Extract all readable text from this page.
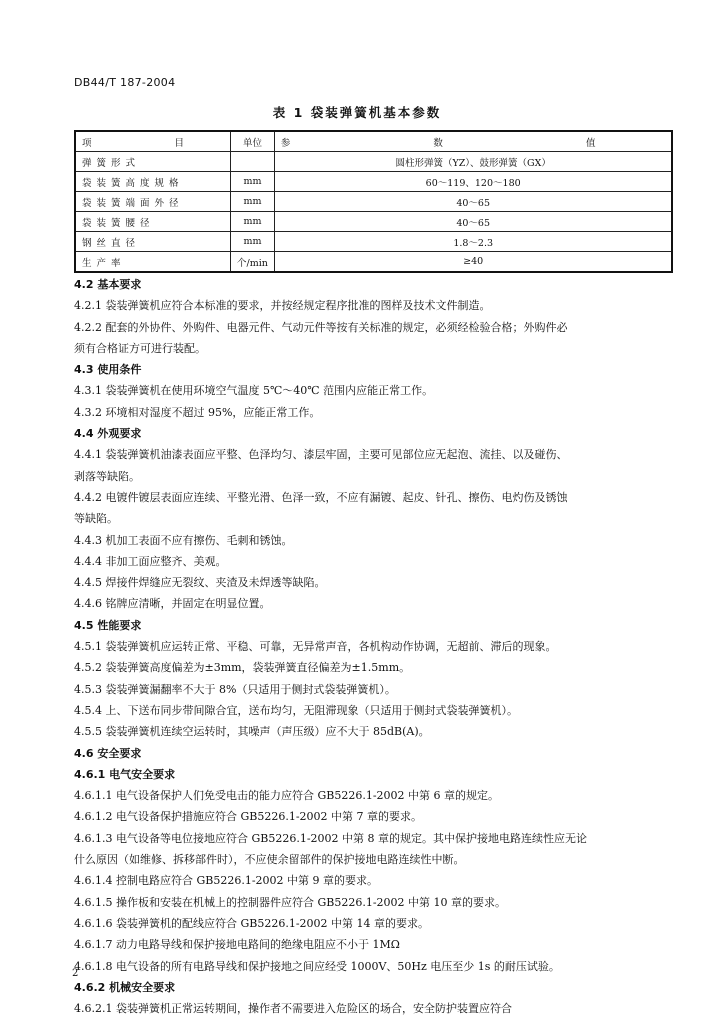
DB44/T 187-2004
表 1 袋装弹簧机基本参数
项 目	单位	参 数 值
弹簧形式		圆柱形弹簧（YZ）、鼓形弹簧（GX）
袋装簧高度规格	mm	60～119、120～180
袋装簧端面外径	mm	40～65
袋装簧腰径	mm	40～65
钢丝直径	mm	1.8～2.3
生产率	个/min	≥40

4.2 基本要求

4.2.1 袋装弹簧机应符合本标准的要求，并按经规定程序批准的图样及技术文件制造。

4.2.2 配套的外协件、外购件、电器元件、气动元件等按有关标准的规定，必须经检验合格；外购件必

须有合格证方可进行装配。

4.3 使用条件

4.3.1 袋装弹簧机在使用环境空气温度 5℃～40℃ 范围内应能正常工作。

4.3.2 环境相对湿度不超过 95%，应能正常工作。

4.4 外观要求

4.4.1 袋装弹簧机油漆表面应平整、色泽均匀、漆层牢固，主要可见部位应无起泡、流挂、以及碰伤、

剥落等缺陷。

4.4.2 电镀件镀层表面应连续、平整光滑、色泽一致，不应有漏镀、起皮、针孔、擦伤、电灼伤及锈蚀

等缺陷。

4.4.3 机加工表面不应有擦伤、毛刺和锈蚀。

4.4.4 非加工面应整齐、美观。

4.4.5 焊接件焊缝应无裂纹、夹渣及未焊透等缺陷。

4.4.6 铭牌应清晰，并固定在明显位置。

4.5 性能要求

4.5.1 袋装弹簧机应运转正常、平稳、可靠，无异常声音，各机构动作协调，无超前、滞后的现象。

4.5.2 袋装弹簧高度偏差为±3mm，袋装弹簧直径偏差为±1.5mm。

4.5.3 袋装弹簧漏翻率不大于 8%（只适用于侧封式袋装弹簧机）。

4.5.4 上、下送布同步带间隙合宜，送布均匀，无阻滞现象（只适用于侧封式袋装弹簧机）。

4.5.5 袋装弹簧机连续空运转时，其噪声（声压级）应不大于 85dB(A)。

4.6 安全要求

4.6.1 电气安全要求

4.6.1.1 电气设备保护人们免受电击的能力应符合 GB5226.1-2002 中第 6 章的规定。

4.6.1.2 电气设备保护措施应符合 GB5226.1-2002 中第 7 章的要求。

4.6.1.3 电气设备等电位接地应符合 GB5226.1-2002 中第 8 章的规定。其中保护接地电路连续性应无论

什么原因（如维修、拆移部件时），不应使余留部件的保护接地电路连续性中断。

4.6.1.4 控制电路应符合 GB5226.1-2002 中第 9 章的要求。

4.6.1.5 操作板和安装在机械上的控制器件应符合 GB5226.1-2002 中第 10 章的要求。

4.6.1.6 袋装弹簧机的配线应符合 GB5226.1-2002 中第 14 章的要求。

4.6.1.7 动力电路导线和保护接地电路间的绝缘电阻应不小于 1MΩ

4.6.1.8 电气设备的所有电路导线和保护接地之间应经受 1000V、50Hz 电压至少 1s 的耐压试验。

4.6.2 机械安全要求

4.6.2.1 袋装弹簧机正常运转期间，操作者不需要进入危险区的场合，安全防护装置应符合

2
